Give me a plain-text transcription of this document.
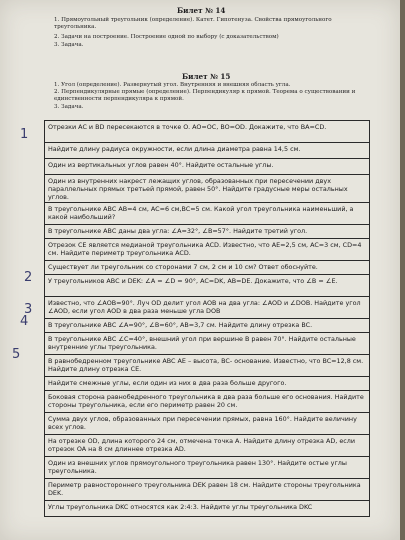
Билет № 14
1. Прямоугольный треугольник (определение). Катет. Гипотенуза. Свойства прямоугольного
треугольника.
2. Задачи на построение. Построение одной по выбору (с доказательством)
3. Задача.
Билет № 15
1. Угол (определение). Развернутый угол. Внутренняя и внешняя область угла.
2. Перпендикулярные прямые (определение). Перпендикуляр к прямой. Теорема о существовании и
единственности перпендикуляра к прямой.
3. Задача.
1
2
3
4
5
Отрезки AC и BD пересекаются в точке O. AO=OC, BO=OD. Докажите, что BA=CD.
Найдите длину радиуса окружности, если длина диаметра равна 14,5 см.
Один из вертикальных углов равен 40°. Найдите остальные углы.
Один из внутренних накрест лежащих углов, образованных при пересечении двух параллельных прямых третьей прямой, равен 50°. Найдите градусные меры остальных углов.
В треугольнике ABC AB=4 см, AC=6 см,BC=5 см. Какой угол треугольника наименьший, а какой наибольший?
В треугольнике ABC даны два угла: ∠A=32°, ∠B=57°. Найдите третий угол.
Отрезок CE является медианой треугольника ACD. Известно, что AE=2,5 см, AC=3 см, CD=4 см. Найдите периметр треугольника ACD.
Существует ли треугольник со сторонами 7 см, 2 см и 10 см? Ответ обоснуйте.
У треугольников ABC и DEK: ∠A = ∠D = 90°, AC=DK, AB=DE. Докажите, что ∠B = ∠E.
Известно, что ∠AOB=90°. Луч OD делит угол AOB на два угла: ∠AOD и ∠DOB. Найдите угол ∠AOD, если угол AOD в два раза меньше угла DOB
В треугольнике ABC ∠A=90°, ∠B=60°, AB=3,7 см. Найдите длину отрезка BC.
В треугольнике ABC ∠C=40°, внешний угол при вершине B равен 70°. Найдите остальные внутренние углы треугольника.
В равнобедренном треугольнике ABC AE – высота, BC- основание. Известно, что BC=12,8 см. Найдите длину отрезка CE.
Найдите смежные углы, если один из них в два раза больше другого.
Боковая сторона равнобедренного треугольника в два раза больше его основания. Найдите стороны треугольника, если его периметр равен 20 см.
Сумма двух углов, образованных при пересечении прямых, равна 160°. Найдите величину всех углов.
На отрезке OD, длина которого 24 см, отмечена точка A. Найдите длину отрезка AD, если отрезок OA на 8 см длиннее отрезка AD.
Один из внешних углов прямоугольного треугольника равен 130°. Найдите остые углы треугольника.
Периметр равностороннего треугольника DEK равен 18 см. Найдите стороны треугольника DEK.
Углы треугольника DKC относятся как 2:4:3. Найдите углы треугольника DKC
